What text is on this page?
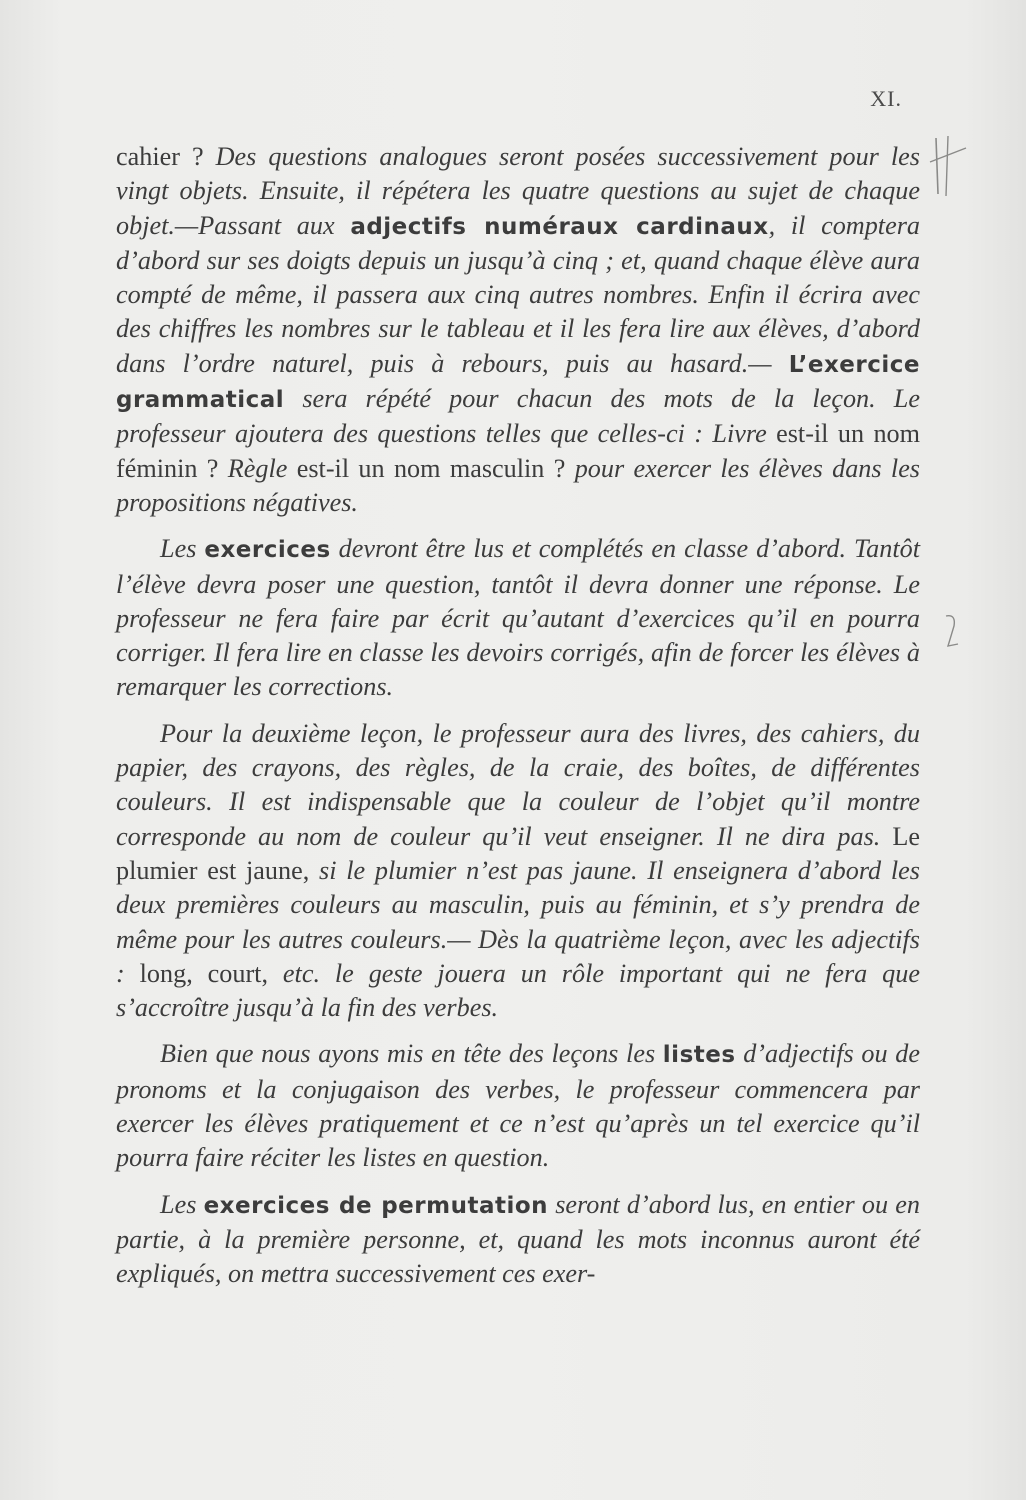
XI.

cahier ? Des questions analogues seront posées successivement pour les vingt objets. Ensuite, il répétera les quatre questions au sujet de chaque objet.—Passant aux adjectifs numéraux cardinaux, il comptera d’abord sur ses doigts depuis un jusqu’à cinq ; et, quand chaque élève aura compté de même, il passera aux cinq autres nombres. Enfin il écrira avec des chiffres les nombres sur le tableau et il les fera lire aux élèves, d’abord dans l’ordre naturel, puis à rebours, puis au hasard.— L’exercice grammatical sera répété pour chacun des mots de la leçon. Le professeur ajoutera des questions telles que celles-ci : Livre est-il un nom féminin ? Règle est-il un nom masculin ? pour exercer les élèves dans les propositions négatives.

Les exercices devront être lus et complétés en classe d’abord. Tantôt l’élève devra poser une question, tantôt il devra donner une réponse. Le professeur ne fera faire par écrit qu’autant d’exercices qu’il en pourra corriger. Il fera lire en classe les devoirs corrigés, afin de forcer les élèves à remarquer les corrections.

Pour la deuxième leçon, le professeur aura des livres, des cahiers, du papier, des crayons, des règles, de la craie, des boîtes, de différentes couleurs. Il est indispensable que la couleur de l’objet qu’il montre corresponde au nom de couleur qu’il veut enseigner. Il ne dira pas. Le plumier est jaune, si le plumier n’est pas jaune. Il enseignera d’abord les deux premières couleurs au masculin, puis au féminin, et s’y prendra de même pour les autres couleurs.— Dès la quatrième leçon, avec les adjectifs : long, court, etc. le geste jouera un rôle important qui ne fera que s’accroître jusqu’à la fin des verbes.

Bien que nous ayons mis en tête des leçons les listes d’adjectifs ou de pronoms et la conjugaison des verbes, le professeur commencera par exercer les élèves pratiquement et ce n’est qu’après un tel exercice qu’il pourra faire réciter les listes en question.

Les exercices de permutation seront d’abord lus, en entier ou en partie, à la première personne, et, quand les mots inconnus auront été expliqués, on mettra successivement ces exer-
